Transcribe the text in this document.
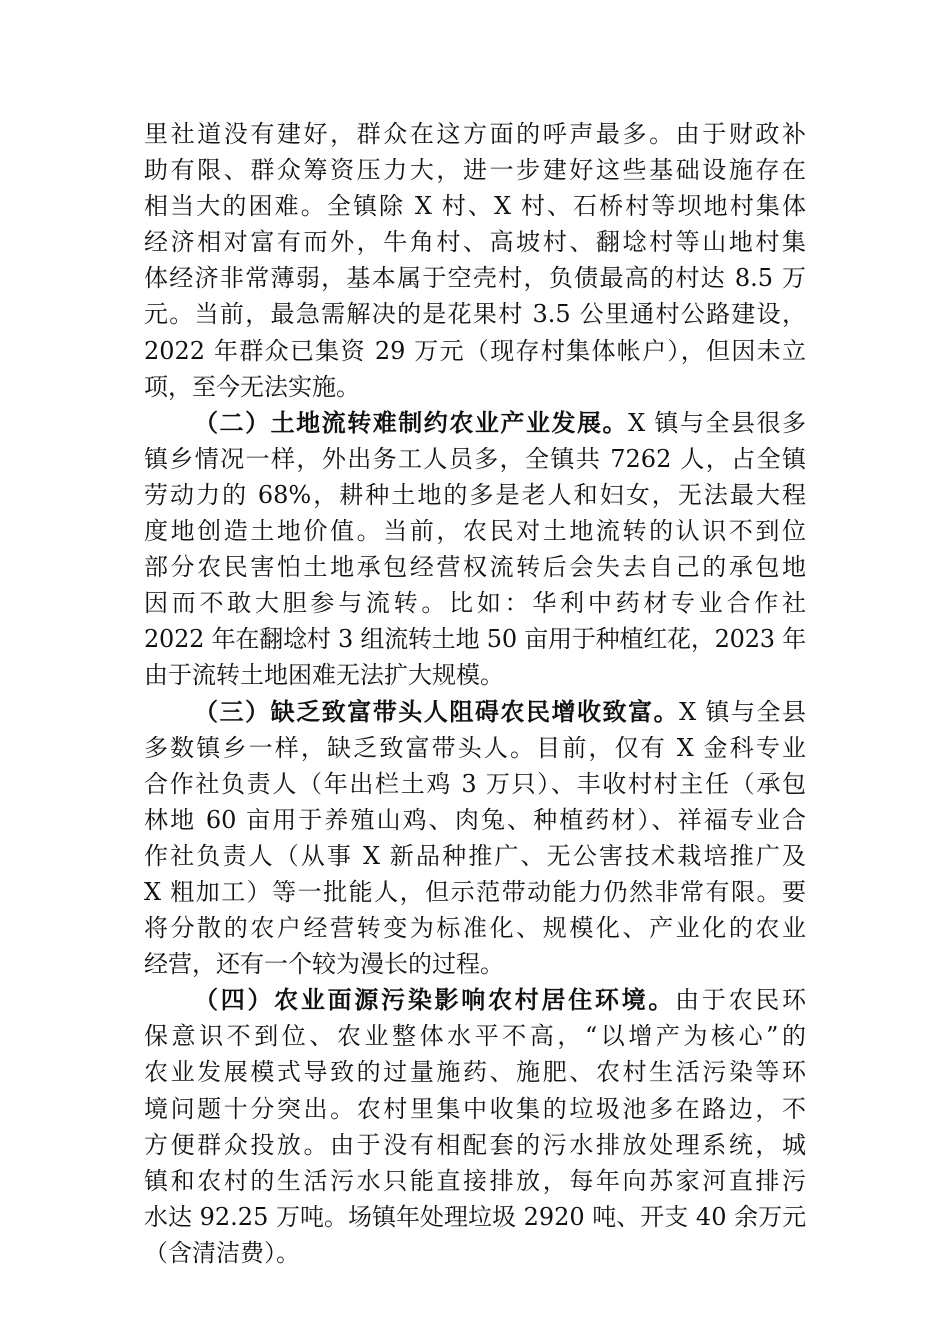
里社道没有建好，群众在这方面的呼声最多。由于财政补
助有限、群众筹资压力大，进一步建好这些基础设施存在
相当大的困难。全镇除 X 村、X 村、石桥村等坝地村集体
经济相对富有而外，牛角村、高坡村、翻埝村等山地村集
体经济非常薄弱，基本属于空壳村，负债最高的村达 8.5 万
元。当前，最急需解决的是花果村 3.5 公里通村公路建设，
2022 年群众已集资 29 万元（现存村集体帐户），但因未立
项，至今无法实施。
（二）土地流转难制约农业产业发展。X 镇与全县很多
镇乡情况一样，外出务工人员多，全镇共 7262 人，占全镇
劳动力的 68%，耕种土地的多是老人和妇女，无法最大程
度地创造土地价值。当前，农民对土地流转的认识不到位
部分农民害怕土地承包经营权流转后会失去自己的承包地
因而不敢大胆参与流转。比如：华利中药材专业合作社
2022 年在翻埝村 3 组流转土地 50 亩用于种植红花，2023 年
由于流转土地困难无法扩大规模。
（三）缺乏致富带头人阻碍农民增收致富。X 镇与全县
多数镇乡一样，缺乏致富带头人。目前，仅有 X 金科专业
合作社负责人（年出栏土鸡 3 万只）、丰收村村主任（承包
林地 60 亩用于养殖山鸡、肉兔、种植药材）、祥福专业合
作社负责人（从事 X 新品种推广、无公害技术栽培推广及
X 粗加工）等一批能人，但示范带动能力仍然非常有限。要
将分散的农户经营转变为标准化、规模化、产业化的农业
经营，还有一个较为漫长的过程。
（四）农业面源污染影响农村居住环境。由于农民环
保意识不到位、农业整体水平不高，“以增产为核心”的
农业发展模式导致的过量施药、施肥、农村生活污染等环
境问题十分突出。农村里集中收集的垃圾池多在路边，不
方便群众投放。由于没有相配套的污水排放处理系统，城
镇和农村的生活污水只能直接排放，每年向苏家河直排污
水达 92.25 万吨。场镇年处理垃圾 2920 吨、开支 40 余万元
（含清洁费）。
